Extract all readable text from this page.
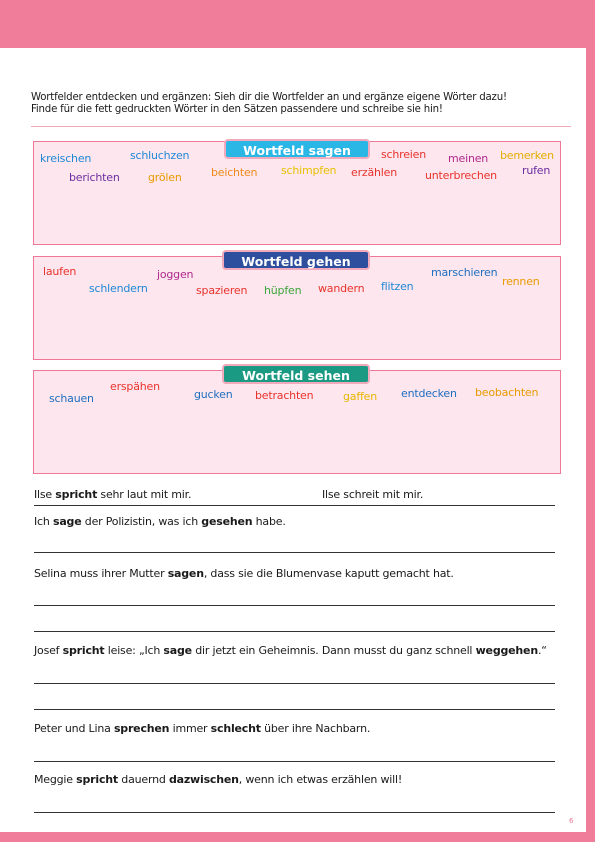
Wortfelder entdecken und ergänzen: Sieh dir die Wortfelder an und ergänze eigene Wörter dazu!
Finde für die fett gedruckten Wörter in den Sätzen passendere und schreibe sie hin!
Wortfeld sagen
kreischen	schluchzen	schreien meinen bemerken
berichten	grölen	beichten schimpfen erzählen	unterbrechen rufen
Wortfeld gehen
laufen	joggen
schlendern	spazieren hüpfen wandern flitzen
marschieren
rennen
Wortfeld sehen
schauen
erspähen
gucken betrachten	gaffen entdecken beobachten
Ilse spricht sehr laut mit mir.	Ilse schreit mit mir.
Ich sage der Polizistin, was ich gesehen habe.
Selina muss ihrer Mutter sagen, dass sie die Blumenvase kaputt gemacht hat.
Josef spricht leise: „Ich sage dir jetzt ein Geheimnis. Dann musst du ganz schnell weggehen.“
Peter und Lina sprechen immer schlecht über ihre Nachbarn.
Meggie spricht dauernd dazwischen, wenn ich etwas erzählen will!
6
